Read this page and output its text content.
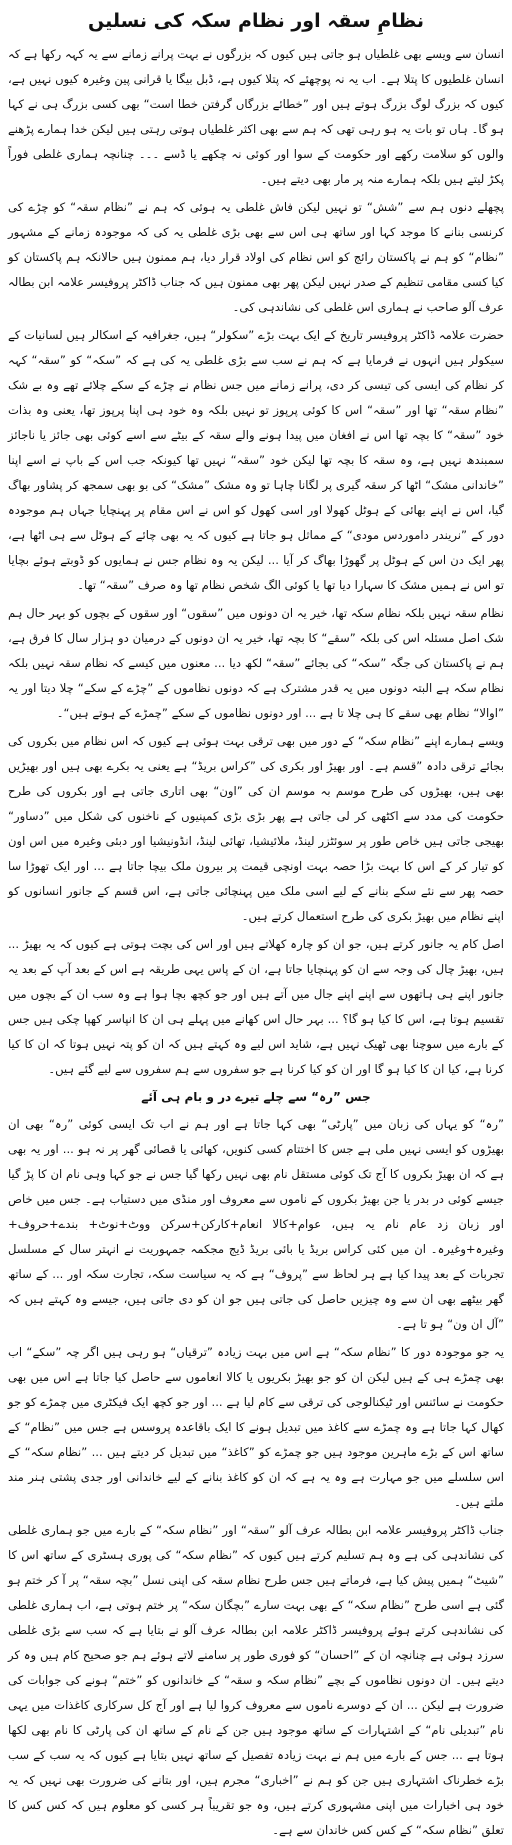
نظامِ سقہ اور نظام سکہ کی نسلیں

انسان سے ویسے بھی غلطیاں ہو جاتی ہیں کیوں کہ بزرگوں نے بہت پرانے زمانے سے یہ کہہ رکھا ہے کہ انسان غلطیوں کا پتلا ہے۔ اب یہ نہ پوچھئے کہ پتلا کیوں ہے، ڈبل بیگا یا قرانی پین وغیرہ کیوں نہیں ہے، کیوں کہ بزرگ لوگ بزرگ ہوتے ہیں اور ”خطائے بزرگاں گرفتن خطا است“ بھی کسی بزرگ ہی نے کہا ہو گا۔ ہاں تو بات یہ ہو رہی تھی کہ ہم سے بھی اکثر غلطیاں ہوتی رہتی ہیں لیکن خدا ہمارے پڑھنے والوں کو سلامت رکھے اور حکومت کے سوا اور کوئی نہ چکھے یا ڈسے ۔۔۔ چنانچہ ہماری غلطی فوراً پکڑ لیتے ہیں بلکہ ہمارے منہ پر مار بھی دیتے ہیں۔

پچھلے دنوں ہم سے ”شش“ تو نہیں لیکن فاش غلطی یہ ہوئی کہ ہم نے ”نظام سقہ“ کو چڑے کی کرنسی بنانے کا موجد کہا اور ساتھ ہی اس سے بھی بڑی غلطی یہ کی کہ موجودہ زمانے کے مشہور ”نظام“ کو ہم نے پاکستان رائج کو اس نظام کی اولاد قرار دیا، ہم ممنون ہیں حالانکہ ہم پاکستان کو کیا کسی مقامی تنظیم کے صدر نہیں لیکن پھر بھی ممنون ہیں کہ جناب ڈاکٹر پروفیسر علامہ ابن بطالہ عرف آلو صاحب نے ہماری اس غلطی کی نشاندہی کی۔

حضرت علامہ ڈاکٹر پروفیسر تاریخ کے ایک بہت بڑے ”سکولر“ ہیں، جغرافیہ کے اسکالر ہیں لسانیات کے سیکولر ہیں انہوں نے فرمایا ہے کہ ہم نے سب سے بڑی غلطی یہ کی ہے کہ ”سکہ“ کو ”سقہ“ کہہ کر نظام کی ایسی کی تیسی کر دی، پرانے زمانے میں جس نظام نے چڑے کے سکے چلائے تھے وہ بے شک ”نظام سقہ“ تھا اور ”سقہ“ اس کا کوئی پرپوز تو نہیں بلکہ وہ خود ہی اپنا پرپوز تھا، یعنی وہ بذات خود ”سقہ“ کا بچہ تھا اس نے افغان میں پیدا ہونے والے سقہ کے بیٹے سے اسے کوئی بھی جائز یا ناجائز سمبندھ نہیں ہے، وہ سقہ کا بچہ تھا لیکن خود ”سقہ“ نہیں تھا کیونکہ جب اس کے باپ نے اسے اپنا ”خاندانی مشک“ اٹھا کر سقہ گیری پر لگانا چاہا تو وہ مشک ”مشک“ کی بو بھی سمجھ کر پشاور بھاگ گیا، اس نے اپنے بھائی کے ہوٹل کھولا اور اسی کھول کو اس نے اس مقام پر پہنچایا جہاں ہم موجودہ دور کے ”نریندر داموردس مودی“ کے مماثل ہو جاتا ہے کیوں کہ یہ بھی چائے کے ہوٹل سے ہی اٹھا ہے، پھر ایک دن اس کے ہوٹل پر گھوڑا بھاگ کر آیا ... لیکن یہ وہ نظام جس نے ہمایوں کو ڈوبتے ہوئے بچایا تو اس نے ہمیں مشک کا سہارا دیا تھا یا کوئی الگ شخص نظام تھا وہ صرف ”سقہ“ تھا۔

نظام سقہ نہیں بلکہ نظام سکہ تھا، خیر یہ ان دونوں میں ”سقوں“ اور سقوں کے بچوں کو بہر حال ہم شک اصل مسئلہ اس کی بلکہ ”سقے“ کا بچہ تھا، خیر یہ ان دونوں کے درمیان دو ہزار سال کا فرق ہے، ہم نے پاکستان کی جگہ ”سکہ“ کی بجائے ”سقہ“ لکھ دیا ... معنوں میں کیسے کہ نظام سقہ نہیں بلکہ نظام سکہ ہے البتہ دونوں میں یہ قدر مشترک ہے کہ دونوں نظاموں کے ”چڑے کے سکے“ چلا دیتا اور یہ ”اوالا“ نظام بھی سقے کا ہی چلا تا ہے ... اور دونوں نظاموں کے سکے ”چمڑے کے ہوتے ہیں“۔

ویسے ہمارے اپنے ”نظام سکہ“ کے دور میں بھی ترقی بہت ہوئی ہے کیوں کہ اس نظام میں بکروں کی بجائے ترقی دادہ ”قسم ہے۔ اور بھیڑ اور بکری کی ”کراس بریڈ“ ہے یعنی یہ بکرے بھی ہیں اور بھیڑیں بھی ہیں، بھیڑوں کی طرح موسم بہ موسم ان کی ”اون“ بھی اتاری جاتی ہے اور بکروں کی طرح حکومت کی مدد سے اکٹھی کر لی جاتی ہے پھر بڑی بڑی کمپنیوں کے ناخنوں کی شکل میں ”دساور“ بھیجی جاتی ہیں خاص طور پر سوئٹزر لینڈ، ملائیشیا، تھائی لینڈ، انڈونیشیا اور دبئی وغیرہ میں اس اون کو تیار کر کے اس کا بہت بڑا حصہ بہت اونچی قیمت پر بیرون ملک بیچا جاتا ہے ... اور ایک تھوڑا سا حصہ پھر سے نئے سکے بنانے کے لیے اسی ملک میں پہنچائی جاتی ہے، اس قسم کے جانور انسانوں کو اپنے نظام میں بھیڑ بکری کی طرح استعمال کرتے ہیں۔

اصل کام یہ جانور کرتے ہیں، جو ان کو چارہ کھلاتے ہیں اور اس کی بچت ہوتی ہے کیوں کہ یہ بھیڑ ... ہیں، بھیڑ چال کی وجہ سے ان کو پہنچایا جاتا ہے، ان کے پاس یہی طریقہ ہے اس کے بعد آپ کے بعد یہ جانور اپنے ہی ہاتھوں سے اپنے اپنے جال میں آتے ہیں اور جو کچھ بچا ہوا ہے وہ سب ان کے بچوں میں تقسیم ہوتا ہے، اس کا کیا ہو گا؟ ... بہر حال اس کھانے میں پہلے ہی ان کا انپاسر کھپا چکی ہیں جس کے بارے میں سوچنا بھی ٹھیک نہیں ہے، شاید اس لیے وہ کہتے ہیں کہ ان کو پتہ نہیں ہوتا کہ ان کا کیا کرنا ہے، کیا ان کا کیا ہو گا اور ان کو کیا کرنا ہے جو سفروں سے ہم سفروں سے لیے گئے ہیں۔

جس ”رہ“ سے چلے تیرے در و بام ہی آئے

”رہ“ کو یہاں کی زبان میں ”پارٹی“ بھی کہا جاتا ہے اور ہم نے اب تک ایسی کوئی ”رہ“ بھی ان بھیڑوں کو ایسی نہیں ملی ہے جس کا اختتام کسی کنویں، کھائی یا قصائی گھر پر نہ ہو ... اور یہ بھی ہے کہ ان بھیڑ بکروں کا آج تک کوئی مستقل نام بھی نہیں رکھا گیا جس نے جو کہا وہی نام ان کا پڑ گیا جیسے کوئی در بدر یا جن بھیڑ بکروں کے ناموں سے معروف اور منڈی میں دستیاب ہے۔ جس میں خاص اور زبان زد عام نام یہ ہیں، عوام+کالا انعام+کارکن+سرکن ووٹ+نوٹ+ بندے+حروف+ وغیرہ+وغیرہ۔ ان میں کئی کراس بریڈ یا بائی بریڈ ڈیج مجکمہ جمہوریت نے انہتر سال کے مسلسل تجربات کے بعد پیدا کیا ہے ہر لحاظ سے ”پروف“ ہے کہ یہ سیاست سکہ، تجارت سکہ اور ... کے ساتھ گھر بیٹھے بھی ان سے وہ چیزیں حاصل کی جاتی ہیں جو ان کو دی جاتی ہیں، جیسے وہ کہتے ہیں کہ ”آل ان ون“ ہو تا ہے۔

یہ جو موجودہ دور کا ”نظام سکہ“ ہے اس میں بہت زیادہ ”ترقیاں“ ہو رہی ہیں اگر چہ ”سکے“ اب بھی چمڑے ہی کے ہیں لیکن ان کو جو بھیڑ بکریوں یا کالا انعاموں سے حاصل کیا جاتا ہے اس میں بھی حکومت نے سائنس اور ٹیکنالوجی کی ترقی سے کام لیا ہے ... اور جو کچھ ایک فیکٹری میں چمڑے کو جو کھال کہا جاتا ہے وہ چمڑے سے کاغذ میں تبدیل ہونے کا ایک باقاعدہ پروسس ہے جس میں ”نظام“ کے ساتھ اس کے بڑے ماہرین موجود ہیں جو چمڑے کو ”کاغذ“ میں تبدیل کر دیتے ہیں ... ”نظام سکہ“ کے اس سلسلے میں جو مہارت ہے وہ یہ ہے کہ ان کو کاغذ بنانے کے لیے خاندانی اور جدی پشتی ہنر مند ملتے ہیں۔

جناب ڈاکٹر پروفیسر علامہ ابن بطالہ عرف آلو ”سقہ“ اور ”نظام سکہ“ کے بارے میں جو ہماری غلطی کی نشاندہی کی ہے وہ ہم تسلیم کرتے ہیں کیوں کہ ”نظام سکہ“ کی پوری ہسٹری کے ساتھ اس کا ”شیٹ“ ہمیں پیش کیا ہے، فرماتے ہیں جس طرح نظام سقہ کی اپنی نسل ”بچہ سقہ“ پر آ کر ختم ہو گئی ہے اسی طرح ”نظام سکہ“ کے بھی بہت سارے ”بچگان سکہ“ پر ختم ہوتی ہے، اب ہماری غلطی کی نشاندہی کرتے ہوئے پروفیسر ڈاکٹر علامہ ابن بطالہ عرف آلو نے بتایا ہے کہ سب سے بڑی غلطی سرزد ہوئی ہے چنانچہ ان کے ”احسان“ کو فوری طور پر سامنے لاتے ہوئے ہم جو صحیح کام ہیں وہ کر دیتے ہیں۔ ان دونوں نظاموں کے بچے ”نظام سکہ و سقہ“ کے خاندانوں کو ”ختم“ ہونے کی جوابات کی ضرورت ہے لیکن ... ان کے دوسرے ناموں سے معروف کروا لیا ہے اور آج کل سرکاری کاغذات میں یہی نام ”تبدیلی نام“ کے اشتہارات کے ساتھ موجود ہیں جن کے نام کے ساتھ ان کی پارٹی کا نام بھی لکھا ہوتا ہے ... جس کے بارے میں ہم نے بہت زیادہ تفصیل کے ساتھ نہیں بتایا ہے کیوں کہ یہ سب کے سب بڑے خطرناک اشتہاری ہیں جن کو ہم نے ”اخباری“ مجرم ہیں، اور بتانے کی ضرورت بھی نہیں کہ یہ خود ہی اخبارات میں اپنی مشہوری کرتے ہیں، وہ جو تقریباً ہر کسی کو معلوم ہیں کہ کس کس کا تعلق ”نظام سکہ“ کے کس کس خاندان سے ہے۔
